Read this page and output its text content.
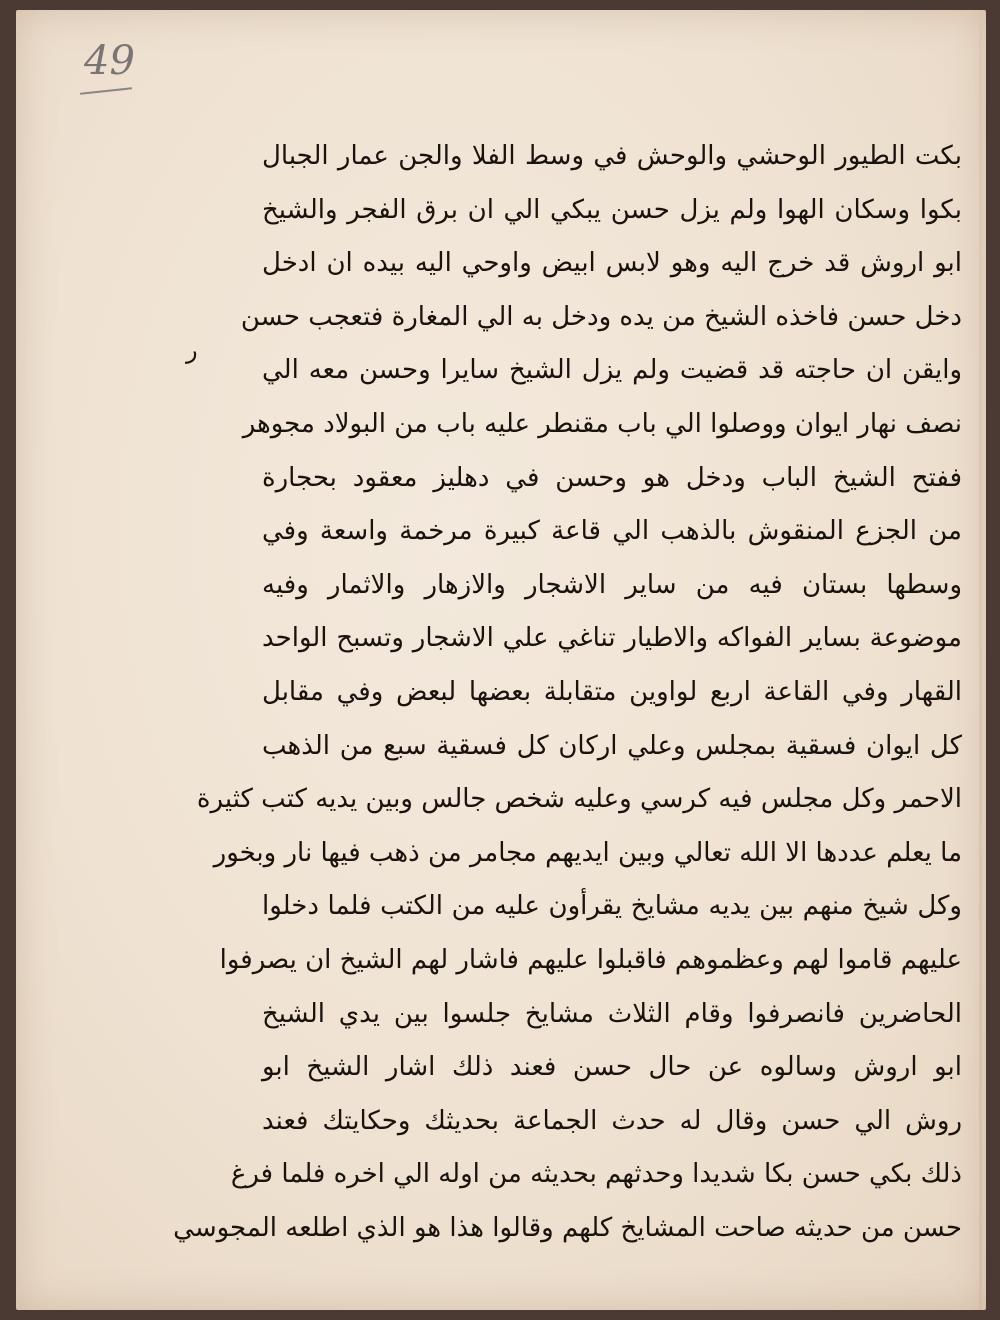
49
ر
بكت الطيور الوحشي والوحش في وسط الفلا والجن عمار الجبال
بكوا وسكان الهوا ولم يزل حسن يبكي الي ان برق الفجر والشيخ
ابو اروش قد خرج اليه وهو لابس ابيض واوحي اليه بيده ان ادخل
دخل حسن فاخذه الشيخ من يده ودخل به الي المغارة فتعجب حسن
وايقن ان حاجته قد قضيت ولم يزل الشيخ سايرا وحسن معه الي
نصف نهار ايوان ووصلوا الي باب مقنطر عليه باب من البولاد مجوهر
ففتح الشيخ الباب ودخل هو وحسن في دهليز معقود بحجارة
من الجزع المنقوش بالذهب الي قاعة كبيرة مرخمة واسعة وفي
وسطها بستان فيه من ساير الاشجار والازهار والاثمار وفيه
موضوعة بساير الفواكه والاطيار تناغي علي الاشجار وتسبح الواحد
القهار وفي القاعة اربع لواوين متقابلة بعضها لبعض وفي مقابل
كل ايوان فسقية بمجلس وعلي اركان كل فسقية سبع من الذهب
الاحمر وكل مجلس فيه كرسي وعليه شخص جالس وبين يديه كتب كثيرة
ما يعلم عددها الا الله تعالي وبين ايديهم مجامر من ذهب فيها نار وبخور
وكل شيخ منهم بين يديه مشايخ يقرأون عليه من الكتب فلما دخلوا
عليهم قاموا لهم وعظموهم فاقبلوا عليهم فاشار لهم الشيخ ان يصرفوا
الحاضرين فانصرفوا وقام الثلاث مشايخ جلسوا بين يدي الشيخ
ابو اروش وسالوه عن حال حسن فعند ذلك اشار الشيخ ابو
روش الي حسن وقال له حدث الجماعة بحديثك وحكايتك فعند
ذلك بكي حسن بكا شديدا وحدثهم بحديثه من اوله الي اخره فلما فرغ
حسن من حديثه صاحت المشايخ كلهم وقالوا هذا هو الذي اطلعه المجوسي
